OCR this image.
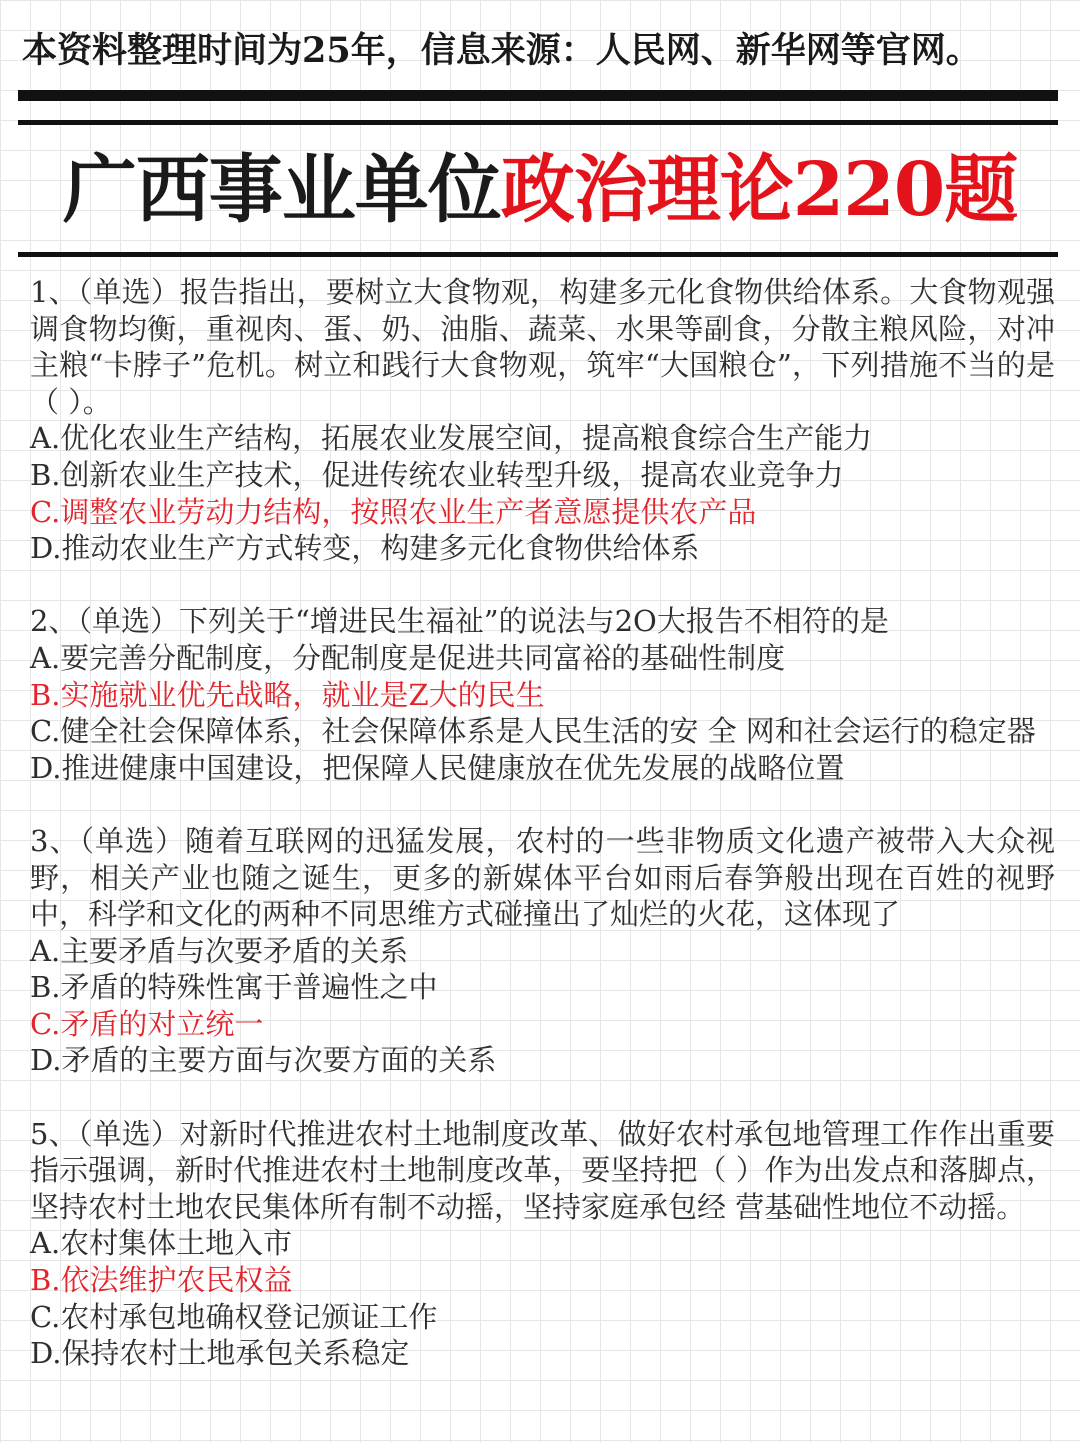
本资料整理时间为25年，信息来源：人民网、新华网等官网。
广西事业单位政治理论220题

1、（单选）报告指出，要树立大食物观，构建多元化食物供给体系。大食物观强调食物均衡，重视肉、蛋、奶、油脂、蔬菜、水果等副食，分散主粮风险，对冲主粮“卡脖子”危机。树立和践行大食物观，筑牢“大国粮仓”，下列措施不当的是（ ）。

A.优化农业生产结构，拓展农业发展空间，提高粮食综合生产能力

B.创新农业生产技术，促进传统农业转型升级，提高农业竞争力

C.调整农业劳动力结构，按照农业生产者意愿提供农产品

D.推动农业生产方式转变，构建多元化食物供给体系

2、（单选）下列关于“增进民生福祉”的说法与2O大报告不相符的是

A.要完善分配制度，分配制度是促进共同富裕的基础性制度

B.实施就业优先战略，就业是Z大的民生

C.健全社会保障体系，社会保障体系是人民生活的安 全 网和社会运行的稳定器

D.推进健康中国建设，把保障人民健康放在优先发展的战略位置

3、（单选）随着互联网的迅猛发展，农村的一些非物质文化遗产被带入大众视野，相关产业也随之诞生，更多的新媒体平台如雨后春笋般出现在百姓的视野中，科学和文化的两种不同思维方式碰撞出了灿烂的火花，这体现了

A.主要矛盾与次要矛盾的关系

B.矛盾的特殊性寓于普遍性之中

C.矛盾的对立统一

D.矛盾的主要方面与次要方面的关系

5、（单选）对新时代推进农村土地制度改革、做好农村承包地管理工作作出重要指示强调，新时代推进农村土地制度改革，要坚持把（ ）作为出发点和落脚点，坚持农村土地农民集体所有制不动摇，坚持家庭承包经 营基础性地位不动摇。

A.农村集体土地入市

B.依法维护农民权益

C.农村承包地确权登记颁证工作

D.保持农村土地承包关系稳定
